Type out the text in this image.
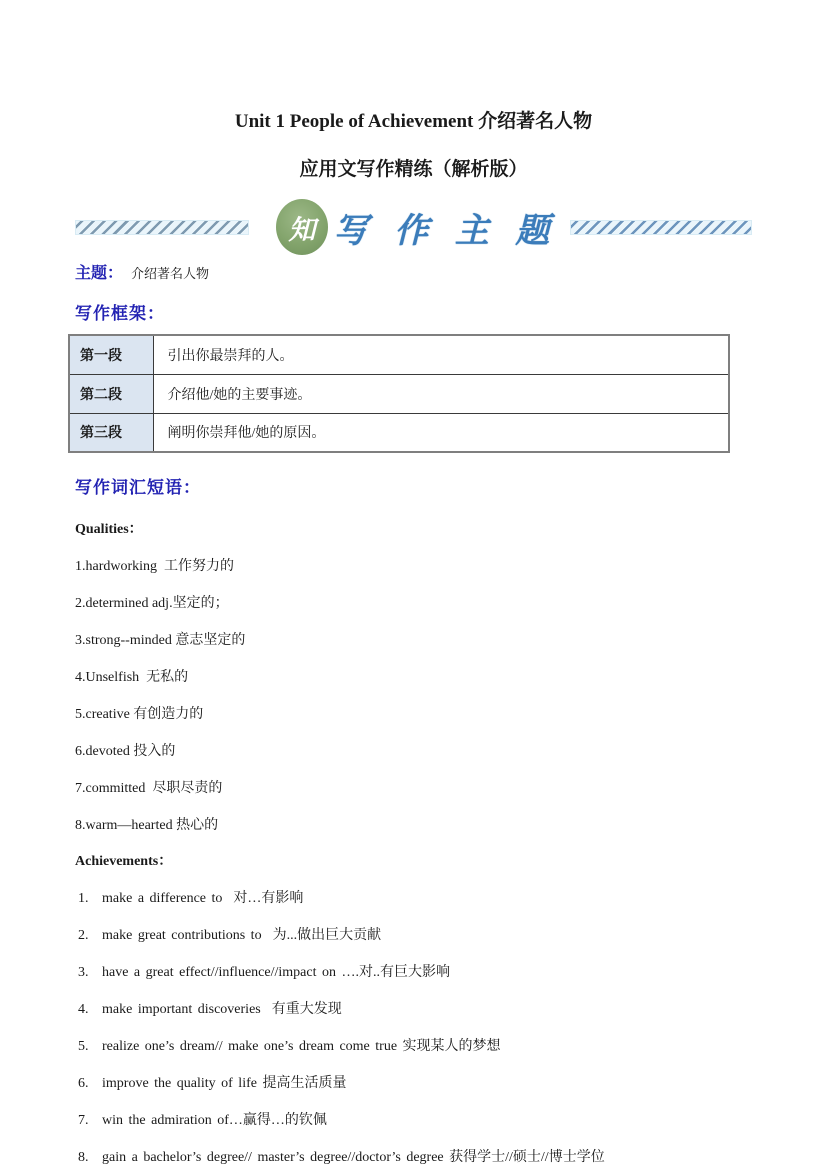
Unit 1 People of Achievement 介绍著名人物
应用文写作精练（解析版）
知 写 作 主 题
主题： 介绍著名人物
写作框架：
第一段	引出你最崇拜的人。
第二段	介绍他/她的主要事迹。
第三段	阐明你崇拜他/她的原因。
写作词汇短语：
Qualities：
1.hardworking  工作努力的
2.determined adj.坚定的；
3.strong--minded 意志坚定的
4.Unselfish  无私的
5.creative 有创造力的
6.devoted 投入的
7.committed  尽职尽责的
8.warm—hearted 热心的
Achievements：
1. make a difference to  对…有影响
2. make great contributions to  为...做出巨大贡献
3. have a great effect//influence//impact on ….对..有巨大影响
4. make important discoveries  有重大发现
5. realize one’s dream// make one’s dream come true 实现某人的梦想
6. improve the quality of life 提高生活质量
7. win the admiration of…赢得…的钦佩
8. gain a bachelor’s degree// master’s degree//doctor’s degree 获得学士//硕士//博士学位
